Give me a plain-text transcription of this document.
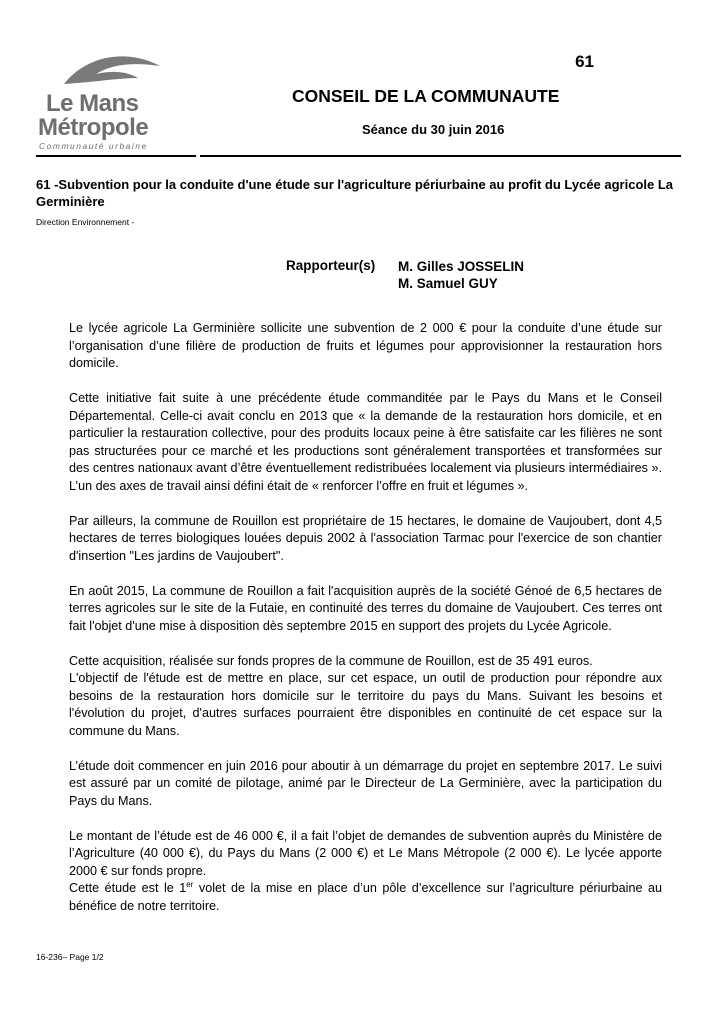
Le Mans
Métropole
Communauté urbaine
61
CONSEIL DE LA COMMUNAUTE
Séance du 30 juin 2016
61 -Subvention pour la conduite d'une étude sur l'agriculture périurbaine au profit du Lycée agricole La Germinière
Direction Environnement -
Rapporteur(s) M. Gilles JOSSELIN
M. Samuel GUY

Le lycée agricole La Germinière sollicite une subvention de 2 000 € pour la conduite d’une étude sur l’organisation d’une filière de production de fruits et légumes pour approvisionner la restauration hors domicile.

Cette initiative fait suite à une précédente étude commanditée par le Pays du Mans et le Conseil Départemental. Celle-ci avait conclu en 2013 que « la demande de la restauration hors domicile, et en particulier la restauration collective, pour des produits locaux peine à être satisfaite car les filières ne sont pas structurées pour ce marché et les productions sont généralement transportées et transformées sur des centres nationaux avant d’être éventuellement redistribuées localement via plusieurs intermédiaires ». L’un des axes de travail ainsi défini était de « renforcer l’offre en fruit et légumes ».

Par ailleurs, la commune de Rouillon est propriétaire de 15 hectares, le domaine de Vaujoubert, dont 4,5 hectares de terres biologiques louées depuis 2002 à l'association Tarmac pour l'exercice de son chantier d'insertion "Les jardins de Vaujoubert".

En août 2015, La commune de Rouillon a fait l'acquisition auprès de la société Génoé de 6,5 hectares de terres agricoles sur le site de la Futaie, en continuité des terres du domaine de Vaujoubert. Ces terres ont fait l'objet d'une mise à disposition dès septembre 2015 en support des projets du Lycée Agricole.

Cette acquisition, réalisée sur fonds propres de la commune de Rouillon, est de 35 491 euros.

L'objectif de l'étude est de mettre en place, sur cet espace, un outil de production pour répondre aux besoins de la restauration hors domicile sur le territoire du pays du Mans. Suivant les besoins et l'évolution du projet, d'autres surfaces pourraient être disponibles en continuité de cet espace sur la commune du Mans.

L’étude doit commencer en juin 2016 pour aboutir à un démarrage du projet en septembre 2017. Le suivi est assuré par un comité de pilotage, animé par le Directeur de La Germinière, avec la participation du Pays du Mans.

Le montant de l’étude est de 46 000 €, il a fait l’objet de demandes de subvention auprès du Ministère de l’Agriculture (40 000 €), du Pays du Mans (2 000 €) et Le Mans Métropole (2 000 €). Le lycée apporte 2000 € sur fonds propre.

Cette étude est le 1er volet de la mise en place d’un pôle d’excellence sur l’agriculture périurbaine au bénéfice de notre territoire.

16-236– Page 1/2
